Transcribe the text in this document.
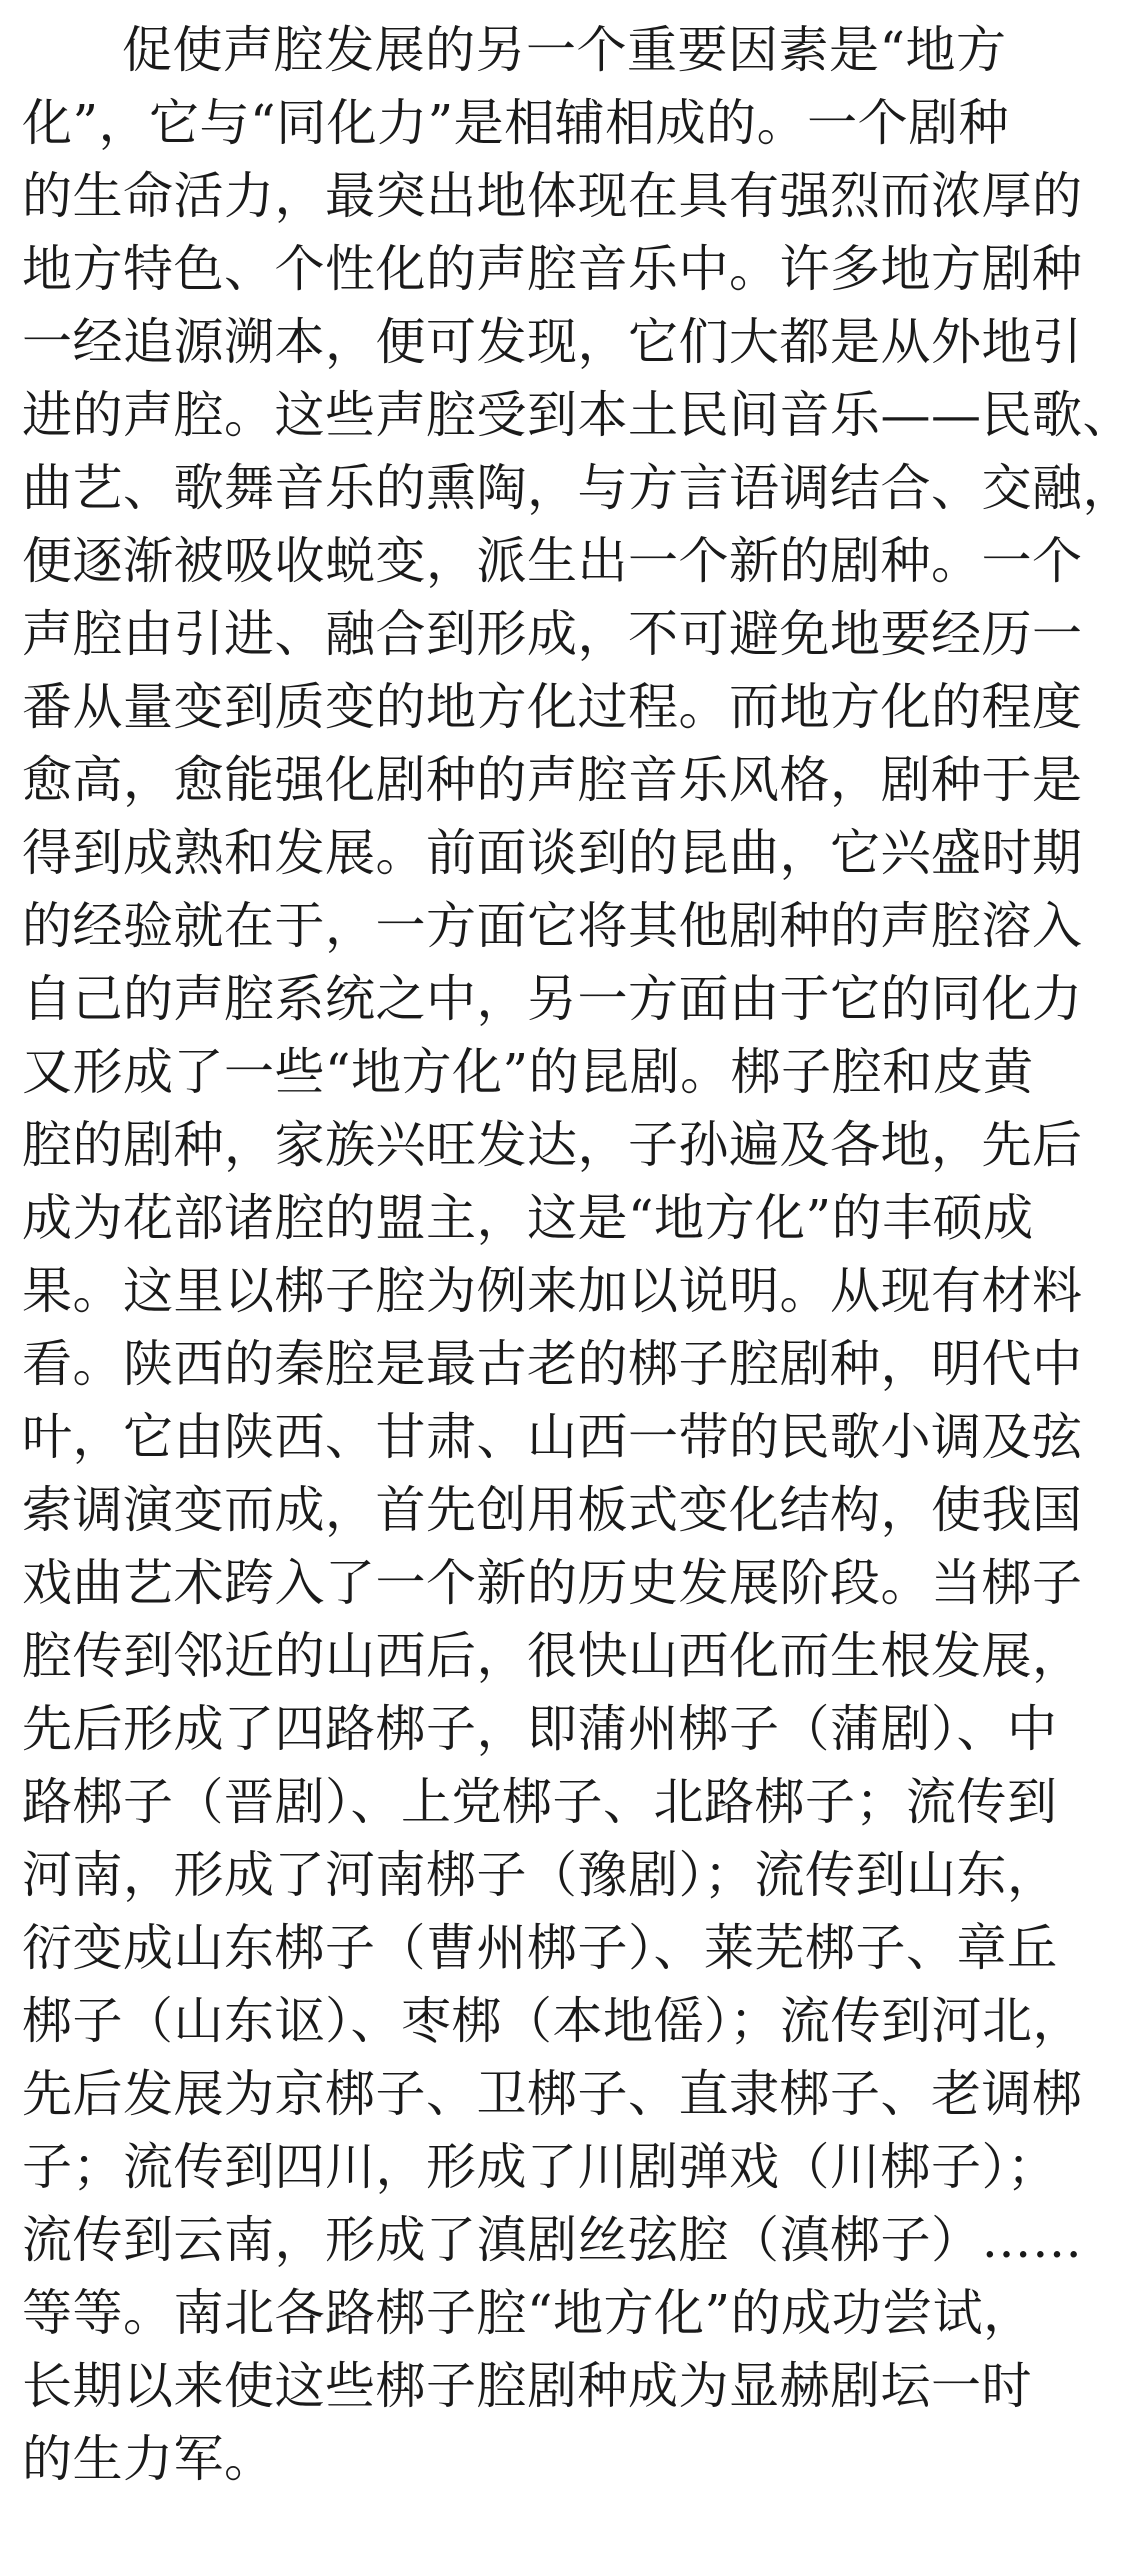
促使声腔发展的另一个重要因素是“地方
化”，它与“同化力”是相辅相成的。一个剧种
的生命活力，最突出地体现在具有强烈而浓厚的
地方特色、个性化的声腔音乐中。许多地方剧种
一经追源溯本，便可发现，它们大都是从外地引
进的声腔。这些声腔受到本土民间音乐——民歌、
曲艺、歌舞音乐的熏陶，与方言语调结合、交融，
便逐渐被吸收蜕变，派生出一个新的剧种。一个
声腔由引进、融合到形成，不可避免地要经历一
番从量变到质变的地方化过程。而地方化的程度
愈高，愈能强化剧种的声腔音乐风格，剧种于是
得到成熟和发展。前面谈到的昆曲，它兴盛时期
的经验就在于，一方面它将其他剧种的声腔溶入
自己的声腔系统之中，另一方面由于它的同化力
又形成了一些“地方化”的昆剧。梆子腔和皮黄
腔的剧种，家族兴旺发达，子孙遍及各地，先后
成为花部诸腔的盟主，这是“地方化”的丰硕成
果。这里以梆子腔为例来加以说明。从现有材料
看。陕西的秦腔是最古老的梆子腔剧种，明代中
叶，它由陕西、甘肃、山西一带的民歌小调及弦
索调演变而成，首先创用板式变化结构，使我国
戏曲艺术跨入了一个新的历史发展阶段。当梆子
腔传到邻近的山西后，很快山西化而生根发展，
先后形成了四路梆子，即蒲州梆子（蒲剧）、中
路梆子（晋剧）、上党梆子、北路梆子；流传到
河南，形成了河南梆子（豫剧）；流传到山东，
衍变成山东梆子（曹州梆子）、莱芜梆子、章丘
梆子（山东讴）、枣梆（本地傜）；流传到河北，
先后发展为京梆子、卫梆子、直隶梆子、老调梆
子；流传到四川，形成了川剧弹戏（川梆子）；
流传到云南，形成了滇剧丝弦腔（滇梆子）……
等等。南北各路梆子腔“地方化”的成功尝试，
长期以来使这些梆子腔剧种成为显赫剧坛一时
的生力军。
